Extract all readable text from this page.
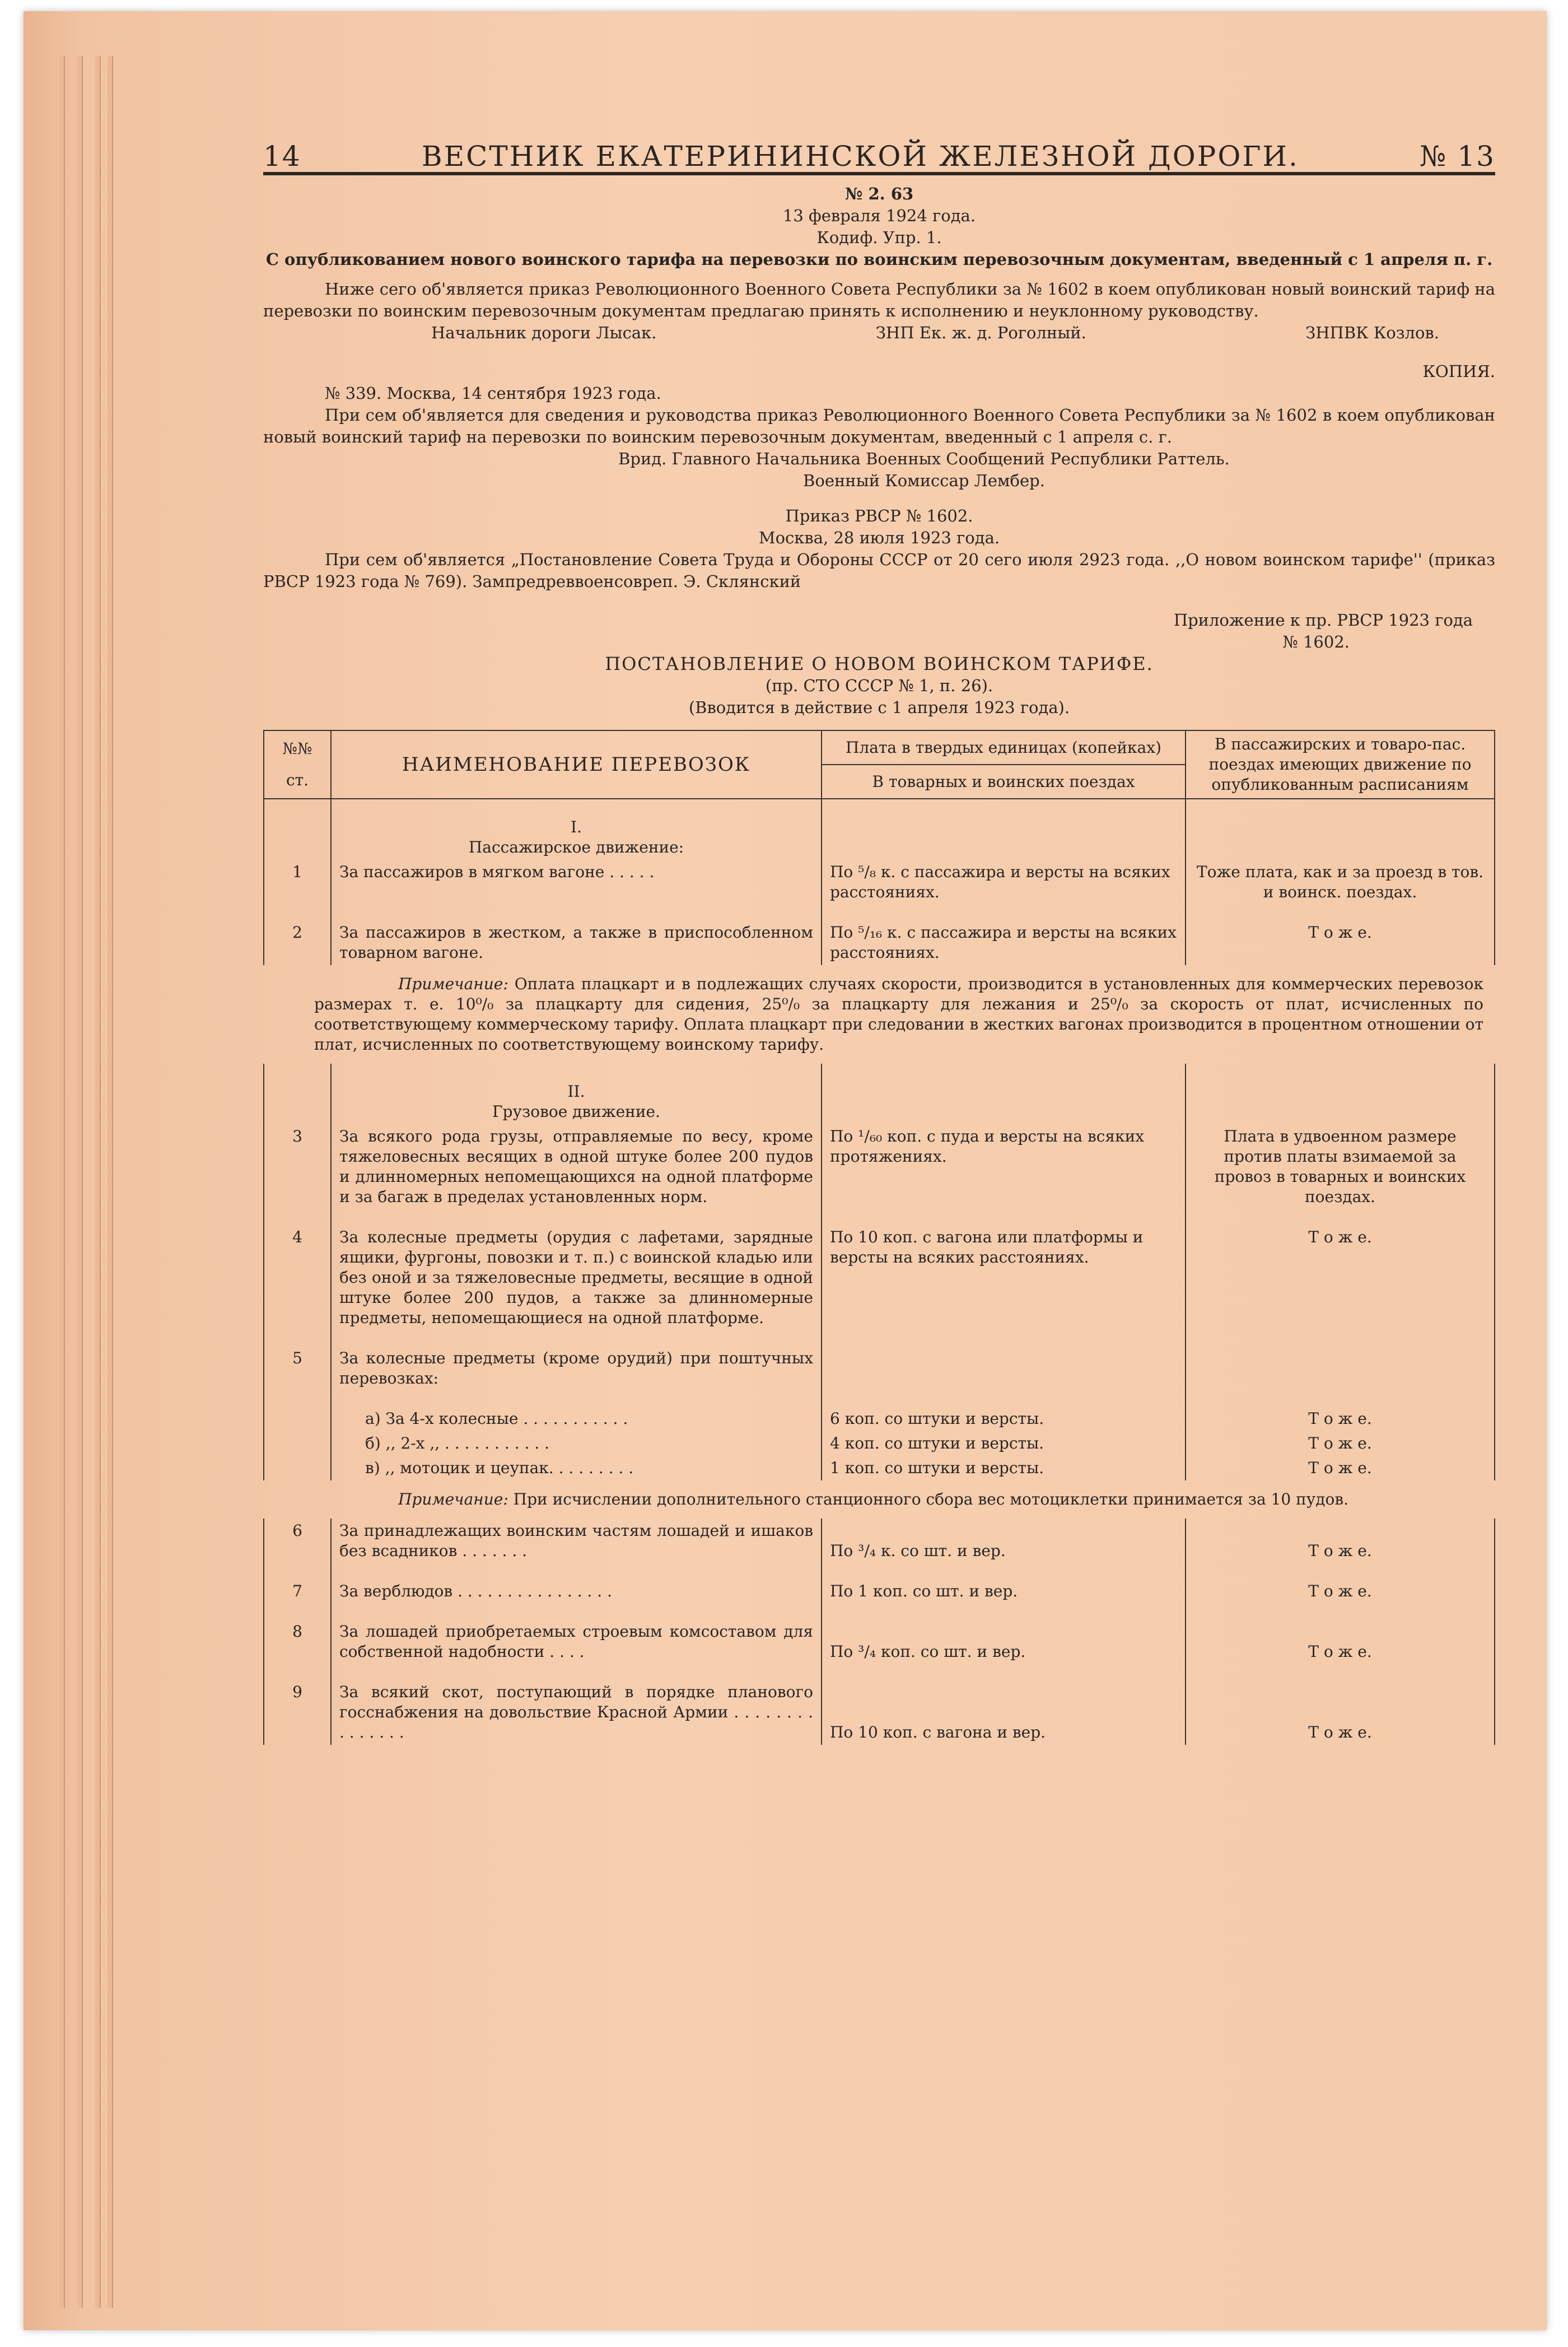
14	ВЕСТНИК ЕКАТЕРИНИНСКОЙ ЖЕЛЕЗНОЙ ДОРОГИ.	№ 13
№ 2. 63
13 февраля 1924 года.
Кодиф. Упр. 1.
С опубликованием нового воинского тарифа на перевозки по воинским перевозочным документам, введенный с 1 апреля п. г.
Ниже сего об'является приказ Революционного Военного Совета Республики за № 1602 в коем опубликован новый воинский тариф на перевозки по воинским перевозочным документам предлагаю принять к исполнению и неуклонному руководству.
Начальник дороги Лысак.	ЗНП Ек. ж. д. Роголный.	ЗНПВК Козлов.
КОПИЯ.
№ 339. Москва, 14 сентября 1923 года.
При сем об'является для сведения и руководства приказ Революционного Военного Совета Республики за № 1602 в коем опубликован новый воинский тариф на перевозки по воинским перевозочным документам, введенный с 1 апреля с. г.
Врид. Главного Начальника Военных Сообщений Республики Раттель.
Военный Комиссар Лембер.
Приказ РВСР № 1602.
Москва, 28 июля 1923 года.
При сем об'является „Постановление Совета Труда и Обороны СССР от 20 сего июля 2923 года. ,,О новом воинском тарифе'' (приказ РВСР 1923 года № 769). Зампредреввоенсовреп. Э. Склянский
Приложение к пр. РВСР 1923 года
№ 1602.
ПОСТАНОВЛЕНИЕ О НОВОМ ВОИНСКОМ ТАРИФЕ.
(пр. СТО СССР № 1, п. 26).
(Вводится в действие с 1 апреля 1923 года).
№№
ст.	НАИМЕНОВАНИЕ ПЕРЕВОЗОК	Плата в твердых единицах (копейках)	В пассажирских и товаро-пас. поездах имеющих движение по опубликованным расписаниям
		В товарных и воинских поездах	

	I.
Пассажирское движение:		

1	За пассажиров в мягком вагоне . . . . .	По ⁵/₈ к. с пассажира и версты на всяких расстояниях.	Тоже плата, как и за проезд в тов. и воинск. поездах.

2	За пассажиров в жестком, а также в приспособленном товарном вагоне.	По ⁵/₁₆ к. с пассажира и версты на всяких расстояниях.	Т о ж е.

Примечание: Оплата плацкарт и в подлежащих случаях скорости, производится в установленных для коммерческих перевозок размерах т. е. 10⁰/₀ за плацкарту для сидения, 25⁰/₀ за плацкарту для лежания и 25⁰/₀ за скорость от плат, исчисленных по соответствующему коммерческому тарифу. Оплата плацкарт при следовании в жестких вагонах производится в процентном отношении от плат, исчисленных по соответствующему воинскому тарифу.			

	II.
Грузовое движение.		

3	За всякого рода грузы, отправляемые по весу, кроме тяжеловесных весящих в одной штуке более 200 пудов и длинномерных непомещающихся на одной платформе и за багаж в пределах установленных норм.	По ¹/₆₀ коп. с пуда и версты на всяких протяжениях.	Плата в удвоенном размере против платы взимаемой за провоз в товарных и воинских поездах.

4	За колесные предметы (орудия с лафетами, зарядные ящики, фургоны, повозки и т. п.) с воинской кладью или без оной и за тяжеловесные предметы, весящие в одной штуке более 200 пудов, а также за длинномерные предметы, непомещающиеся на одной платформе.	По 10 коп. с вагона или платформы и версты на всяких расстояниях.	Т о ж е.

5	За колесные предметы (кроме орудий) при поштучных перевозках:		

	а) За 4-х колесные . . . . . . . . . . .	6 коп. со штуки и версты.	Т о ж е.
	б) ,, 2-х ,, . . . . . . . . . . .	4 коп. со штуки и версты.	Т о ж е.
	в) ,, мотоцик и цеупак. . . . . . . . .	1 коп. со штуки и версты.	Т о ж е.

Примечание: При исчислении дополнительного станционного сбора вес мотоциклетки принимается за 10 пудов.			

6	За принадлежащих воинским частям лошадей и ишаков без всадников . . . . . . .	По ³/₄ к. со шт. и вер.	Т о ж е.

7	За верблюдов . . . . . . . . . . . . . . . .	По 1 коп. со шт. и вер.	Т о ж е.

8	За лошадей приобретаемых строевым комсоставом для собственной надобности . . . .	По ³/₄ коп. со шт. и вер.	Т о ж е.

9	За всякий скот, поступающий в порядке планового госснабжения на довольствие Красной Армии . . . . . . . . . . . . . . .	По 10 коп. с вагона и вер.	Т о ж е.
